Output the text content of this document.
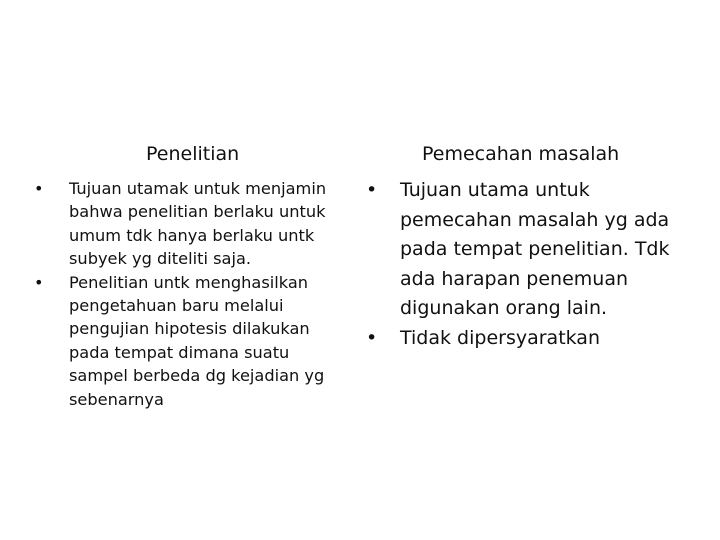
Penelitian
• Tujuan utamak untuk menjamin bahwa penelitian berlaku untuk umum tdk hanya berlaku untk subyek yg diteliti saja.
• Penelitian untk menghasilkan pengetahuan baru melalui pengujian hipotesis dilakukan pada tempat dimana suatu sampel berbeda dg kejadian yg sebenarnya
Pemecahan masalah
• Tujuan utama untuk pemecahan masalah yg ada pada tempat penelitian. Tdk ada harapan penemuan digunakan orang lain.
• Tidak dipersyaratkan
